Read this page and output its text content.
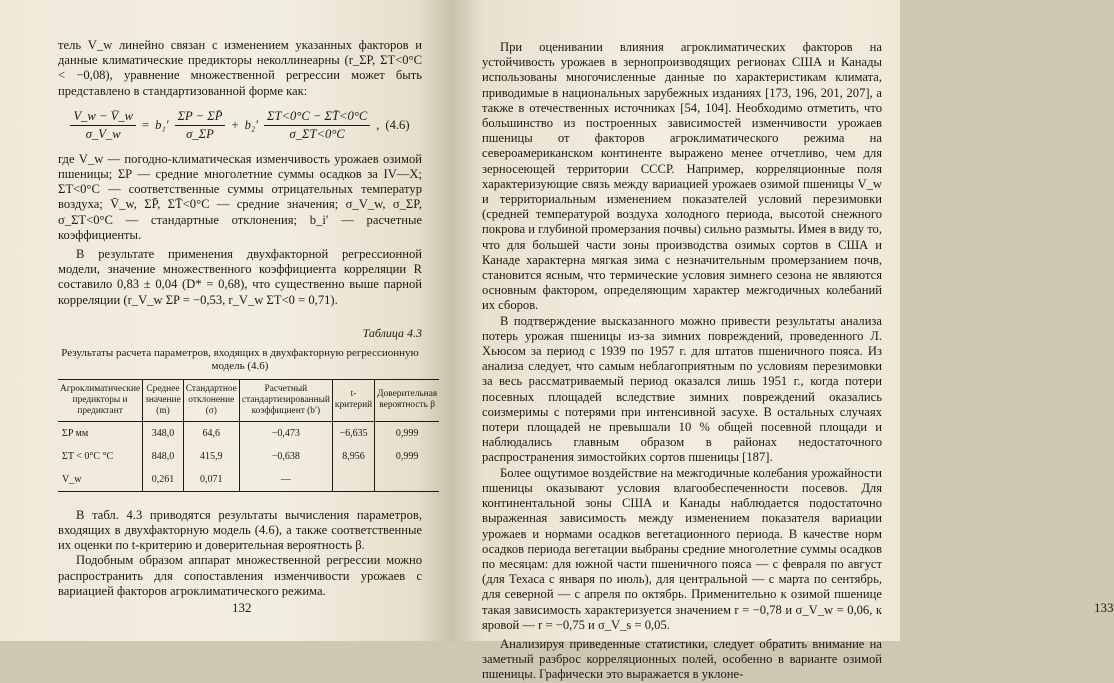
тель V_w линейно связан с изменением указанных факторов и данные климатические предикторы неколлинеарны (r_ΣP, ΣT<0°C < −0,08), уравнение множественной регрессии может быть представлено в стандартизованной форме как:

$\frac{V\_w - V̄\_w}{\sigma\_V\_w} = b_1' \frac{\Sigma P - \Sigma P̄}{\sigma\_\Sigma P} + b_2' \frac{\Sigma T<0^\circ C - \Sigma T̄<0^\circ C}{\sigma\_\Sigma T<0^\circ C}$ , (4.6)

где V_w — погодно-климатическая изменчивость урожаев озимой пшеницы; ΣP — средние многолетние суммы осадков за IV—X; ΣT<0°C — соответственные суммы отрицательных температур воздуха; V̄_w, ΣP̄, ΣT̄<0°C — средние значения; σ_V_w, σ_ΣP, σ_ΣT<0°C — стандартные отклонения; b_i′ — расчетные коэффициенты.

В результате применения двухфакторной регрессионной модели, значение множественного коэффициента корреляции R составило 0,83 ± 0,04 (D* = 0,68), что существенно выше парной корреляции (r_V_w ΣP = −0,53, r_V_w ΣT<0 = 0,71).

Таблица 4.3
Результаты расчета параметров, входящих в двухфакторную регрессионную модель (4.6)
Агроклиматические предикторы и предиктант	Среднее значение (m)	Стандартное отклонение (σ)	Расчетный стандартизированный коэффициент (b′)	t-критерий	Доверительная вероятность β
ΣP мм	348,0	64,6	−0,473	−6,635	0,999
ΣT < 0°C °C	848,0	415,9	−0,638	8,956	0,999
V_w	0,261	0,071	—		

В табл. 4.3 приводятся результаты вычисления параметров, входящих в двухфакторную модель (4.6), а также соответственные их оценки по t-критерию и доверительная вероятность β.

Подобным образом аппарат множественной регрессии можно распространить для сопоставления изменчивости урожаев с вариацией факторов агроклиматического режима.

132

При оценивании влияния агроклиматических факторов на устойчивость урожаев в зернопроизводящих регионах США и Канады использованы многочисленные данные по характеристикам климата, приводимые в национальных зарубежных изданиях [173, 196, 201, 207], а также в отечественных источниках [54, 104]. Необходимо отметить, что большинство из построенных зависимостей изменчивости урожаев пшеницы от факторов агроклиматического режима на североамериканском континенте выражено менее отчетливо, чем для зерносеющей территории СССР. Например, корреляционные поля характеризующие связь между вариацией урожаев озимой пшеницы V_w и территориальным изменением показателей условий перезимовки (средней температурой воздуха холодного периода, высотой снежного покрова и глубиной промерзания почвы) сильно размыты. Имея в виду то, что для большей части зоны производства озимых сортов в США и Канаде характерна мягкая зима с незначительным промерзанием почв, становится ясным, что термические условия зимнего сезона не являются основным фактором, определяющим характер межгодичных колебаний их сборов.

В подтверждение высказанного можно привести результаты анализа потерь урожая пшеницы из-за зимних повреждений, проведенного Л. Хьюсом за период с 1939 по 1957 г. для штатов пшеничного пояса. Из анализа следует, что самым неблагоприятным по условиям перезимовки за весь рассматриваемый период оказался лишь 1951 г., когда потери посевных площадей вследствие зимних повреждений оказались соизмеримы с потерями при интенсивной засухе. В остальных случаях потери площадей не превышали 10 % общей посевной площади и наблюдались главным образом в районах недостаточного распространения зимостойких сортов пшеницы [187].

Более ощутимое воздействие на межгодичные колебания урожайности пшеницы оказывают условия влагообеспеченности посевов. Для континентальной зоны США и Канады наблюдается подостаточно выраженная зависимость между изменением показателя вариации урожаев и нормами осадков вегетационного периода. В качестве норм осадков периода вегетации выбраны средние многолетние суммы осадков по месяцам: для южной части пшеничного пояса — с февраля по август (для Техаса с января по июль), для центральной — с марта по сентябрь, для северной — с апреля по октябрь. Применительно к озимой пшенице такая зависимость характеризуется значением r = −0,78 и σ_V_w = 0,06, к яровой — r = −0,75 и σ_V_s = 0,05.

Анализируя приведенные статистики, следует обратить внимание на заметный разброс корреляционных полей, особенно в варианте озимой пшеницы. Графически это выражается в уклоне-

133
